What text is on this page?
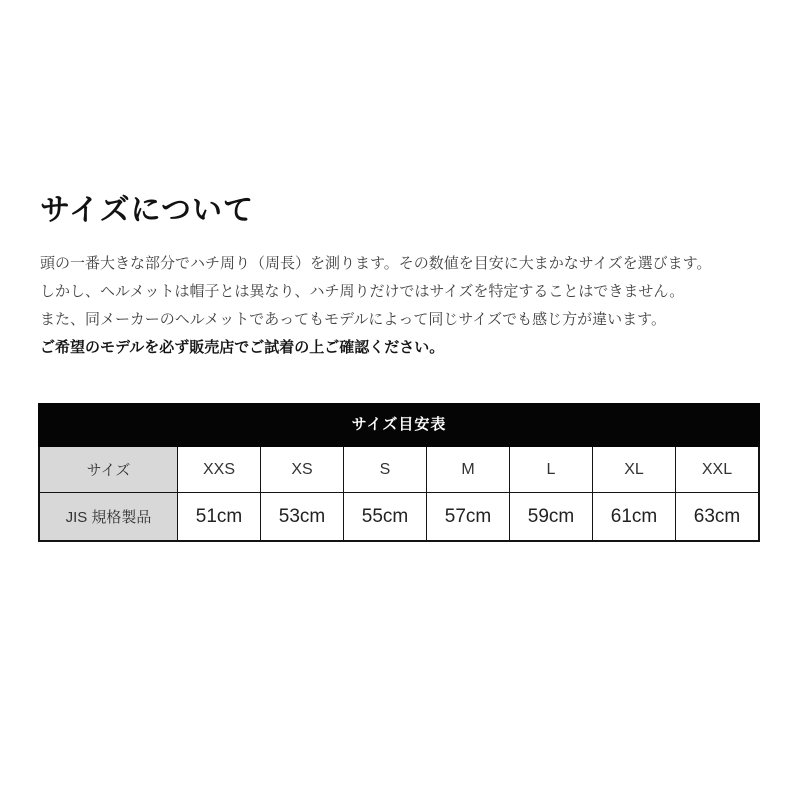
サイズについて

頭の一番大きな部分でハチ周り（周長）を測ります。その数値を目安に大まかなサイズを選びます。

しかし、ヘルメットは帽子とは異なり、ハチ周りだけではサイズを特定することはできません。

また、同メーカーのヘルメットであってもモデルによって同じサイズでも感じ方が違います。

ご希望のモデルを必ず販売店でご試着の上ご確認ください。

サイズ目安表
サイズ	XXS	XS	S	M	L	XL	XXL
JIS 規格製品	51cm	53cm	55cm	57cm	59cm	61cm	63cm
